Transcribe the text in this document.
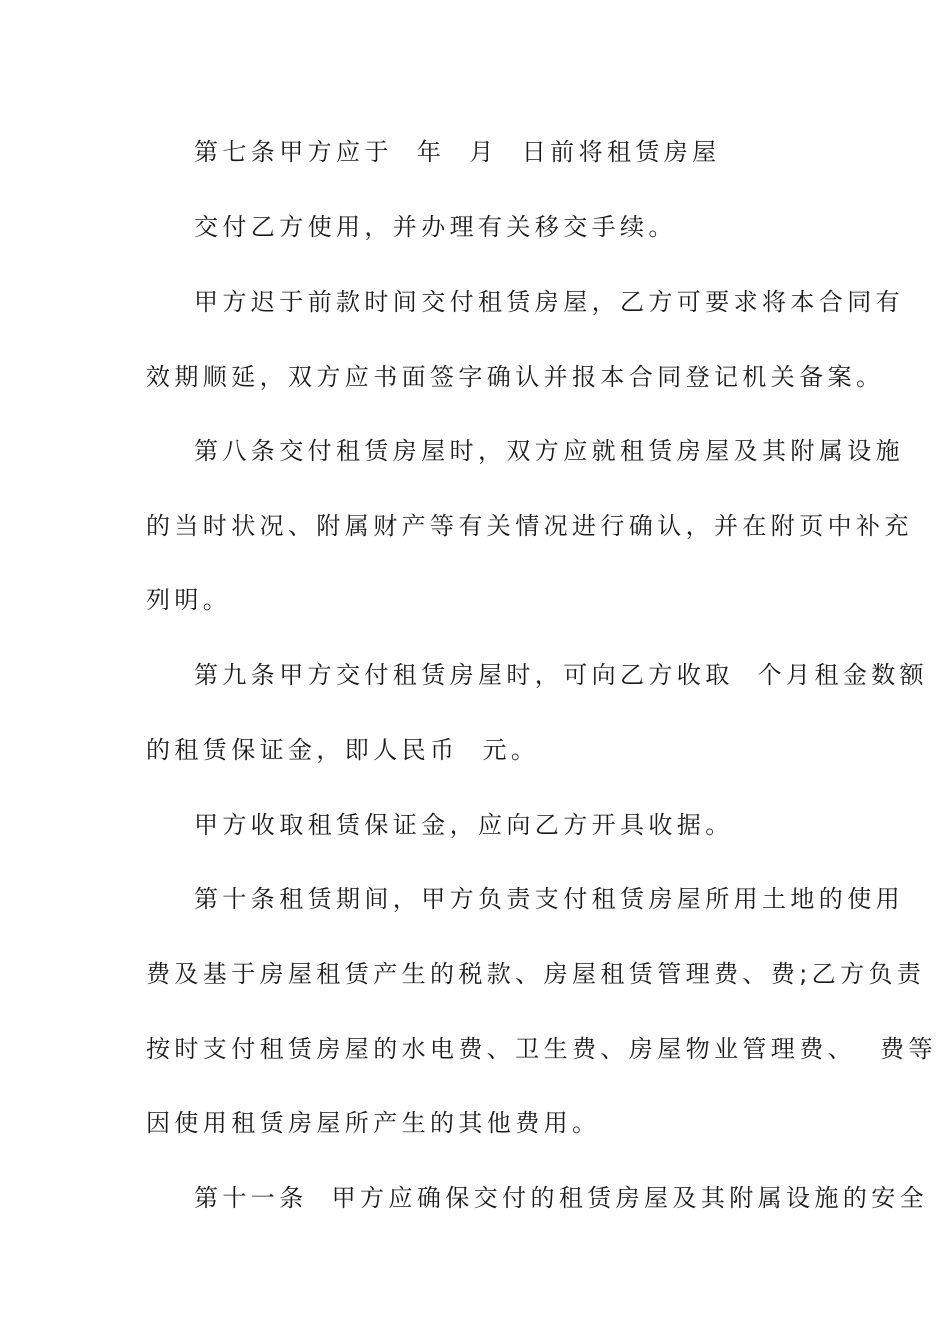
第七条甲方应于  年  月  日前将租赁房屋

交付乙方使用，并办理有关移交手续。

甲方迟于前款时间交付租赁房屋，乙方可要求将本合同有

效期顺延，双方应书面签字确认并报本合同登记机关备案。

第八条交付租赁房屋时，双方应就租赁房屋及其附属设施

的当时状况、附属财产等有关情况进行确认，并在附页中补充

列明。

第九条甲方交付租赁房屋时，可向乙方收取  个月租金数额

的租赁保证金，即人民币  元。

甲方收取租赁保证金，应向乙方开具收据。

第十条租赁期间，甲方负责支付租赁房屋所用土地的使用

费及基于房屋租赁产生的税款、房屋租赁管理费、费;乙方负责

按时支付租赁房屋的水电费、卫生费、房屋物业管理费、  费等

因使用租赁房屋所产生的其他费用。

第十一条  甲方应确保交付的租赁房屋及其附属设施的安全
